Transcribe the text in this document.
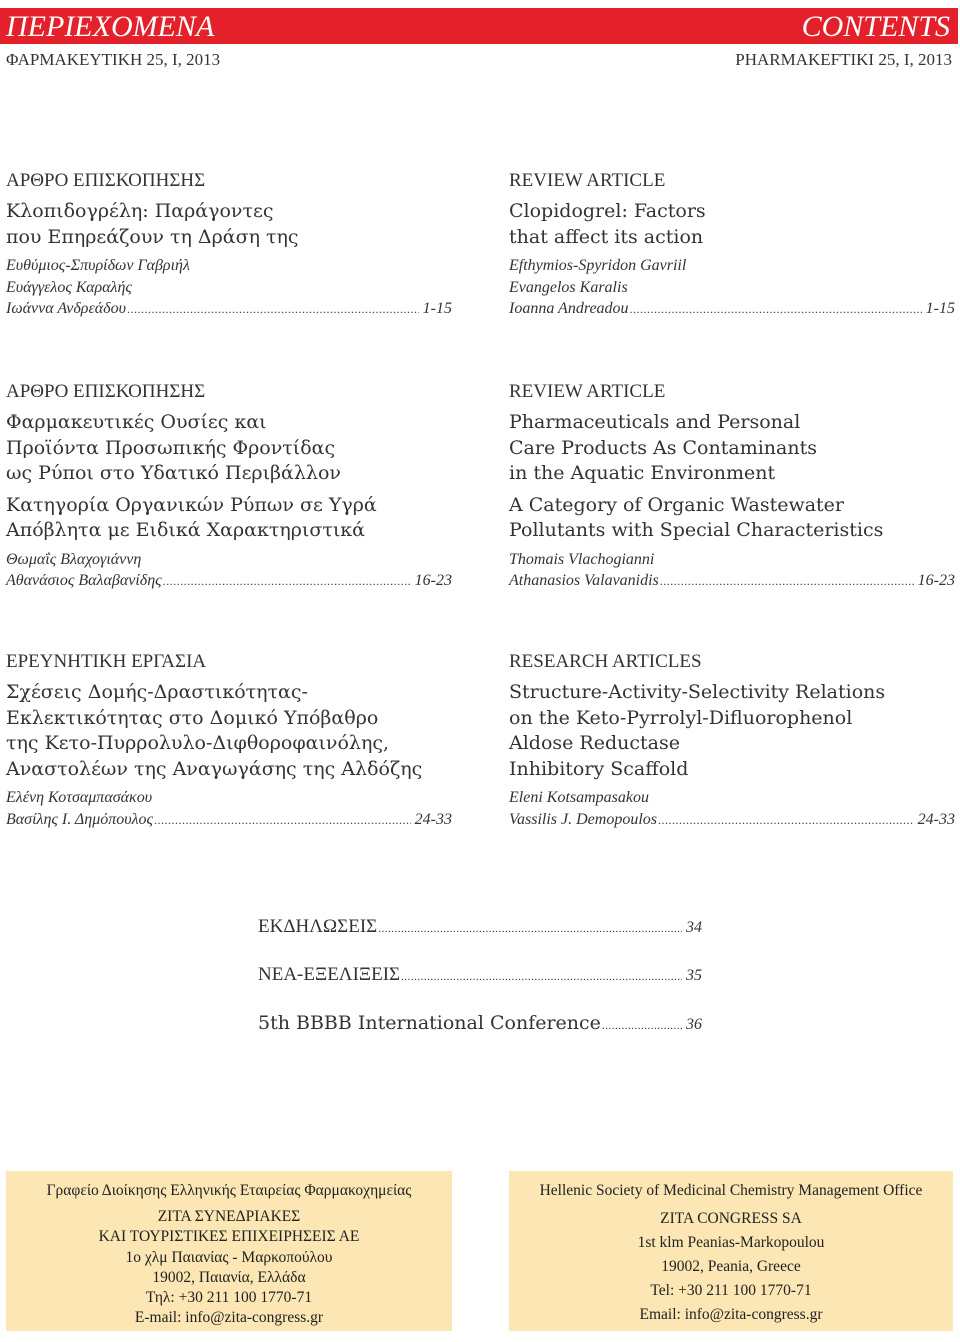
ΠΕΡΙΕΧΟΜΕΝΑ	CONTENTS
ΦΑΡΜΑΚΕΥΤΙΚΗ 25, Ι, 2013	PHARMAKEFTIKI 25, I, 2013
ΑΡΘΡΟ ΕΠΙΣΚΟΠΗΣΗΣ
Κλοπιδογρέλη: Παράγοντες
που Επηρεάζουν τη Δράση της
Ευθύμιος-Σπυρίδων Γαβριήλ
Ευάγγελος Καραλής
Ιωάννα Ανδρεάδου .....	1-15
REVIEW ARTICLE
Clopidogrel: Factors
that affect its action
Efthymios-Spyridon Gavriil
Evangelos Karalis
Ioanna Andreadou .....	1-15
ΑΡΘΡΟ ΕΠΙΣΚΟΠΗΣΗΣ
Φαρμακευτικές Ουσίες και
Προϊόντα Προσωπικής Φροντίδας
ως Ρύποι στο Υδατικό Περιβάλλον
Κατηγορία Οργανικών Ρύπων σε Υγρά
Απόβλητα με Ειδικά Χαρακτηριστικά
Θωμαΐς Βλαχογιάννη
Αθανάσιος Βαλαβανίδης .....	16-23
REVIEW ARTICLE
Pharmaceuticals and Personal
Care Products As Contaminants
in the Aquatic Environment
A Category of Organic Wastewater
Pollutants with Special Characteristics
Thomais Vlachogianni
Athanasios Valavanidis .....	16-23
ΕΡΕΥΝΗΤΙΚΗ ΕΡΓΑΣΙΑ
Σχέσεις Δομής-Δραστικότητας-
Εκλεκτικότητας στο Δομικό Υπόβαθρο
της Κετο-Πυρρολυλο-Διφθοροφαινόλης,
Αναστολέων της Αναγωγάσης της Αλδόζης
Ελένη Κοτσαμπασάκου
Βασίλης Ι. Δημόπουλος .....	24-33
RESEARCH ARTICLES
Structure-Activity-Selectivity Relations
on the Keto-Pyrrolyl-Difluorophenol
Aldose Reductase
Inhibitory Scaffold
Eleni Kotsampasakou
Vassilis J. Demopoulos .....	24-33
ΕΚΔΗΛΩΣΕΙΣ .....	34
ΝΕΑ-ΕΞΕΛΙΞΕΙΣ .....	35
5th BBBB International Conference .....	36
Γραφείο Διοίκησης Ελληνικής Εταιρείας Φαρμακοχημείας
ZITA ΣΥΝΕΔΡΙΑΚΕΣ
ΚΑΙ ΤΟΥΡΙΣΤΙΚΕΣ ΕΠΙΧΕΙΡΗΣΕΙΣ ΑΕ
1ο χλμ Παιανίας - Μαρκοπούλου
19002, Παιανία, Ελλάδα
Τηλ: +30 211 100 1770-71
E-mail: info@zita-congress.gr
Hellenic Society of Medicinal Chemistry Management Office
ZITA CONGRESS SA
1st klm Peanias-Markopoulou
19002, Peania, Greece
Tel: +30 211 100 1770-71
Email: info@zita-congress.gr
